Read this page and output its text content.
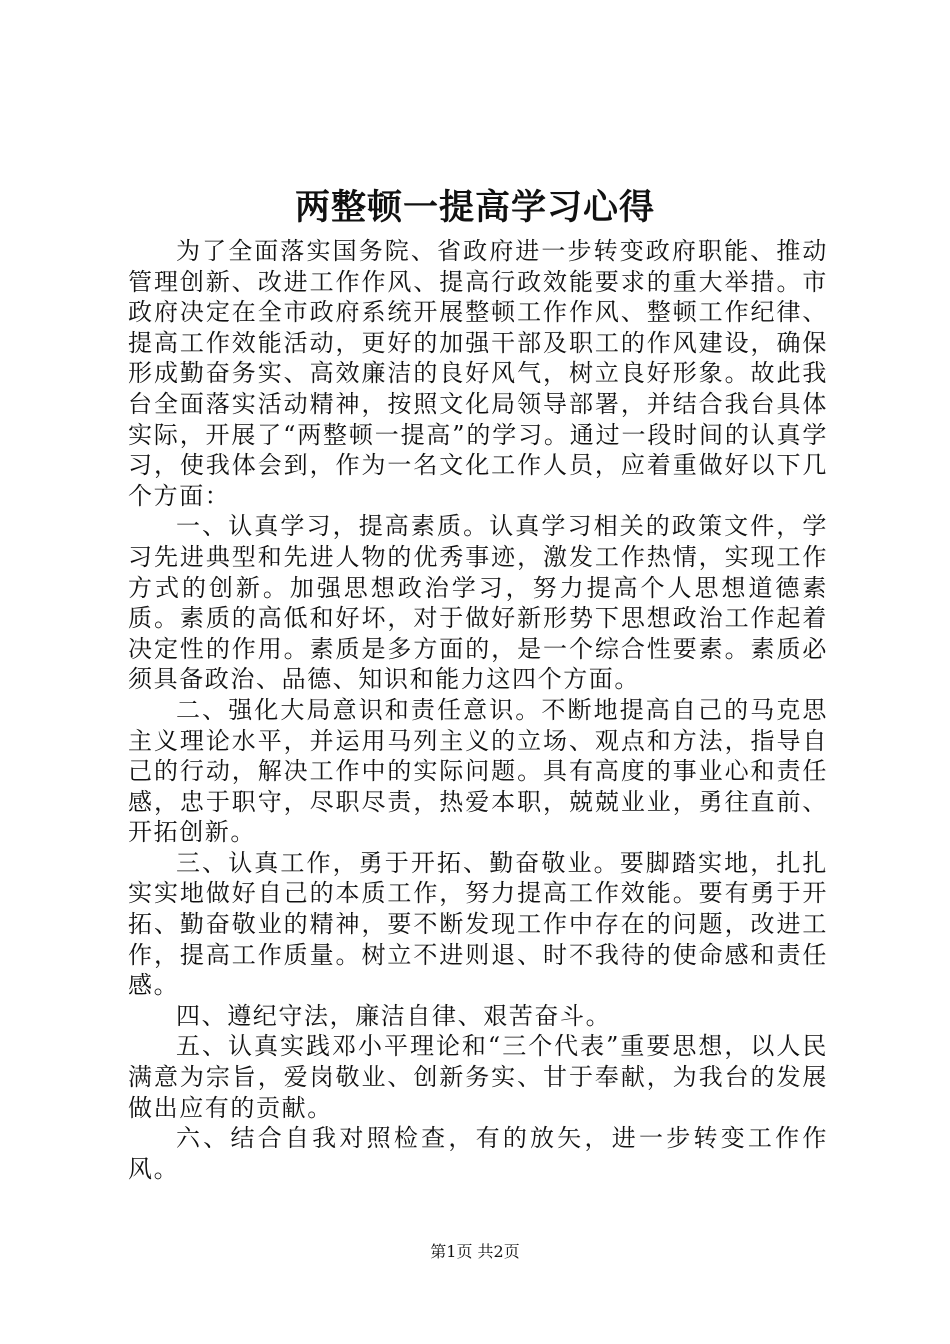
两整顿一提高学习心得

为了全面落实国务院、省政府进一步转变政府职能、推动管理创新、改进工作作风、提高行政效能要求的重大举措。市政府决定在全市政府系统开展整顿工作作风、整顿工作纪律、提高工作效能活动，更好的加强干部及职工的作风建设，确保形成勤奋务实、高效廉洁的良好风气，树立良好形象。故此我台全面落实活动精神，按照文化局领导部署，并结合我台具体实际，开展了“两整顿一提高”的学习。通过一段时间的认真学习，使我体会到，作为一名文化工作人员，应着重做好以下几个方面：

一、认真学习，提高素质。认真学习相关的政策文件，学习先进典型和先进人物的优秀事迹，激发工作热情，实现工作方式的创新。加强思想政治学习，努力提高个人思想道德素质。素质的高低和好坏，对于做好新形势下思想政治工作起着决定性的作用。素质是多方面的，是一个综合性要素。素质必须具备政治、品德、知识和能力这四个方面。

二、强化大局意识和责任意识。不断地提高自己的马克思主义理论水平，并运用马列主义的立场、观点和方法，指导自己的行动，解决工作中的实际问题。具有高度的事业心和责任感，忠于职守，尽职尽责，热爱本职，兢兢业业，勇往直前、开拓创新。

三、认真工作，勇于开拓、勤奋敬业。要脚踏实地，扎扎实实地做好自己的本质工作，努力提高工作效能。要有勇于开拓、勤奋敬业的精神，要不断发现工作中存在的问题，改进工作，提高工作质量。树立不进则退、时不我待的使命感和责任感。

四、遵纪守法，廉洁自律、艰苦奋斗。

五、认真实践邓小平理论和“三个代表”重要思想，以人民满意为宗旨，爱岗敬业、创新务实、甘于奉献，为我台的发展做出应有的贡献。

六、结合自我对照检查，有的放矢，进一步转变工作作风。

第1页 共2页
